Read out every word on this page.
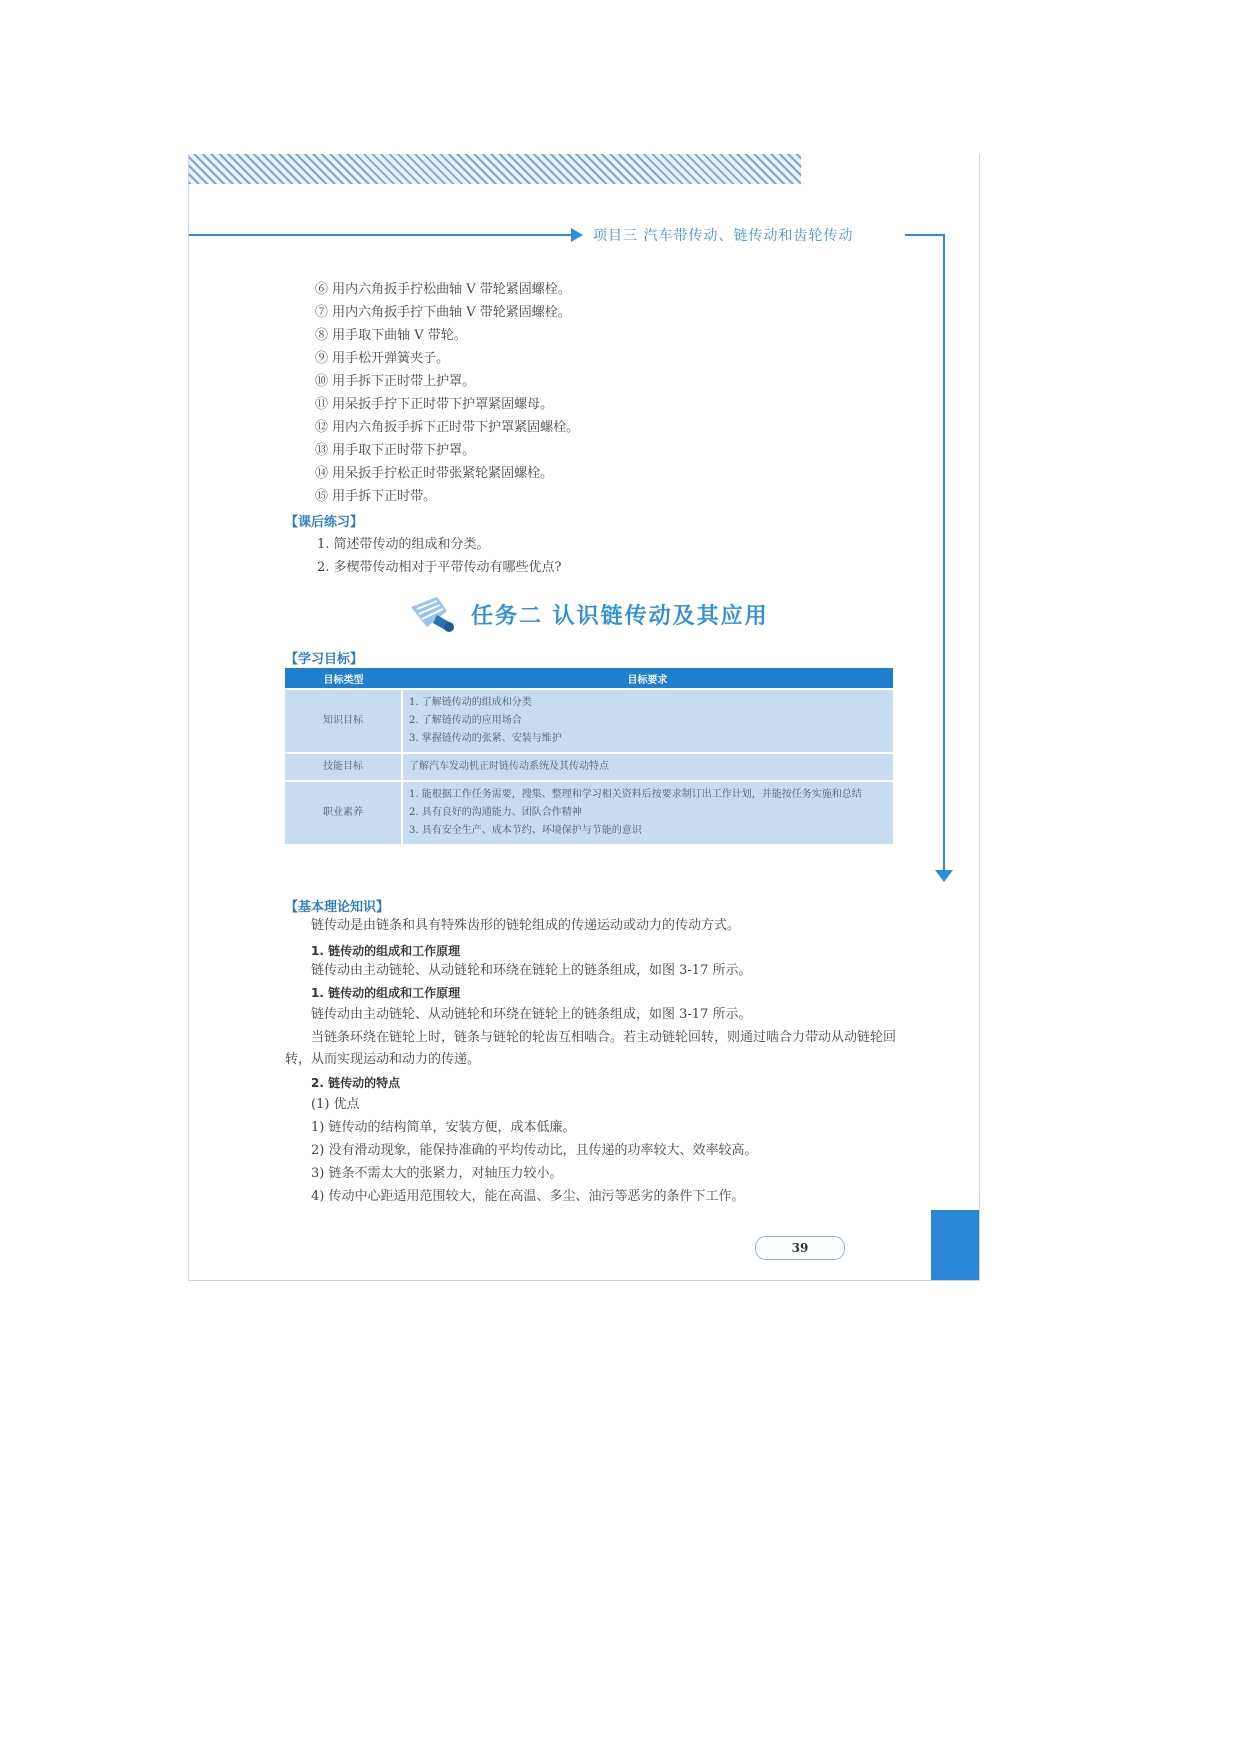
项目三 汽车带传动、链传动和齿轮传动
⑥ 用内六角扳手拧松曲轴 V 带轮紧固螺栓。
⑦ 用内六角扳手拧下曲轴 V 带轮紧固螺栓。
⑧ 用手取下曲轴 V 带轮。
⑨ 用手松开弹簧夹子。
⑩ 用手拆下正时带上护罩。
⑪ 用呆扳手拧下正时带下护罩紧固螺母。
⑫ 用内六角扳手拆下正时带下护罩紧固螺栓。
⑬ 用手取下正时带下护罩。
⑭ 用呆扳手拧松正时带张紧轮紧固螺栓。
⑮ 用手拆下正时带。
【课后练习】
1. 简述带传动的组成和分类。
2. 多楔带传动相对于平带传动有哪些优点?
任务二 认识链传动及其应用
【学习目标】
目标类型	目标要求
知识目标	1. 了解链传动的组成和分类
2. 了解链传动的应用场合
3. 掌握链传动的张紧、安装与维护

技能目标	了解汽车发动机正时链传动系统及其传动特点

职业素养	1. 能根据工作任务需要，搜集、整理和学习相关资料后按要求制订出工作计划，并能按任务实施和总结
2. 具有良好的沟通能力、团队合作精神
3. 具有安全生产、成本节约、环境保护与节能的意识
【基本理论知识】
链传动是由链条和具有特殊齿形的链轮组成的传递运动或动力的传动方式。
1. 链传动的组成和工作原理
链传动由主动链轮、从动链轮和环绕在链轮上的链条组成，如图 3-17 所示。
1. 链传动的组成和工作原理
链传动由主动链轮、从动链轮和环绕在链轮上的链条组成，如图 3-17 所示。
当链条环绕在链轮上时，链条与链轮的轮齿互相啮合。若主动链轮回转，则通过啮合力带动从动链轮回转，从而实现运动和动力的传递。
2. 链传动的特点
(1) 优点
1) 链传动的结构简单，安装方便，成本低廉。
2) 没有滑动现象，能保持准确的平均传动比，且传递的功率较大、效率较高。
3) 链条不需太大的张紧力，对轴压力较小。
4) 传动中心距适用范围较大，能在高温、多尘、油污等恶劣的条件下工作。
39
